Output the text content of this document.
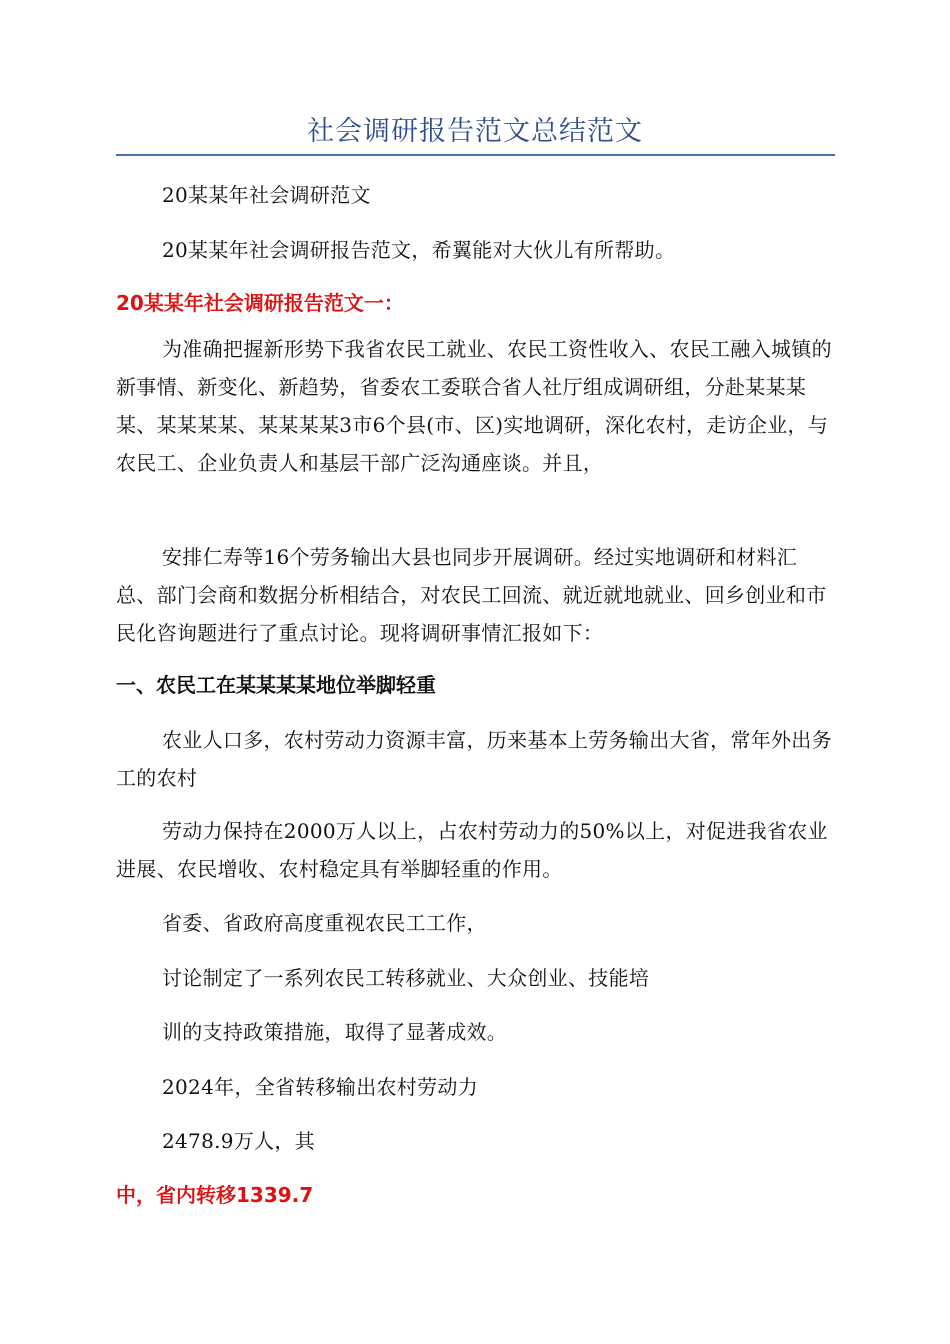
社会调研报告范文总结范文

20某某年社会调研范文

20某某年社会调研报告范文，希翼能对大伙儿有所帮助。

20某某年社会调研报告范文一：

为准确把握新形势下我省农民工就业、农民工资性收入、农民工融入城镇的新事情、新变化、新趋势，省委农工委联合省人社厅组成调研组，分赴某某某某、某某某某、某某某某3市6个县(市、区)实地调研，深化农村，走访企业，与农民工、企业负责人和基层干部广泛沟通座谈。并且，

安排仁寿等16个劳务输出大县也同步开展调研。经过实地调研和材料汇总、部门会商和数据分析相结合，对农民工回流、就近就地就业、回乡创业和市民化咨询题进行了重点讨论。现将调研事情汇报如下：

一、农民工在某某某某地位举脚轻重

农业人口多，农村劳动力资源丰富，历来基本上劳务输出大省，常年外出务工的农村

劳动力保持在2000万人以上，占农村劳动力的50%以上，对促进我省农业进展、农民增收、农村稳定具有举脚轻重的作用。

省委、省政府高度重视农民工工作，

讨论制定了一系列农民工转移就业、大众创业、技能培

训的支持政策措施，取得了显著成效。

2024年，全省转移输出农村劳动力

2478.9万人，其

中，省内转移1339.7
